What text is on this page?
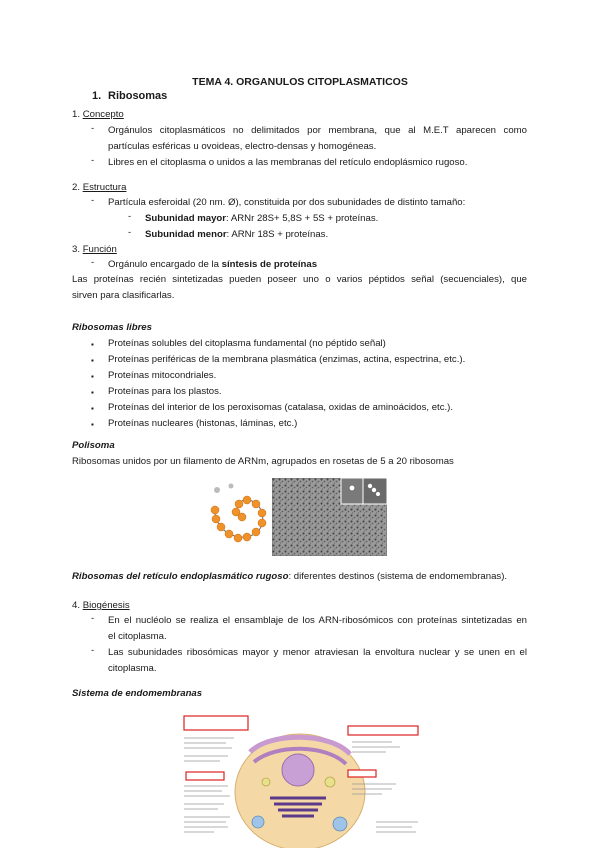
TEMA 4. ORGANULOS CITOPLASMATICOS
1. Ribosomas
1. Concepto
- Orgánulos citoplasmáticos no delimitados por membrana, que al M.E.T aparecen como
partículas esféricas u ovoideas, electro-densas y homogéneas.
- Libres en el citoplasma o unidos a las membranas del retículo endoplásmico rugoso.
2. Estructura
- Partícula esferoidal (20 nm. Ø), constituida por dos subunidades de distinto tamaño:
- Subunidad mayor: ARNr 28S+ 5,8S + 5S + proteínas.
- Subunidad menor: ARNr 18S + proteínas.
3. Función
- Orgánulo encargado de la síntesis de proteínas
Las proteínas recién sintetizadas pueden poseer uno o varios péptidos señal (secuenciales), que
sirven para clasificarlas.
Ribosomas libres
▪ Proteínas solubles del citoplasma fundamental (no péptido señal)
▪ Proteínas periféricas de la membrana plasmática (enzimas, actina, espectrina, etc.).
▪ Proteínas mitocondriales.
▪ Proteínas para los plastos.
▪ Proteínas del interior de los peroxisomas (catalasa, oxidas de aminoácidos, etc.).
▪ Proteínas nucleares (histonas, láminas, etc.)
Polisoma
Ribosomas unidos por un filamento de ARNm, agrupados en rosetas de 5 a 20 ribosomas
Ribosomas del retículo endoplasmático rugoso: diferentes destinos (sistema de endomembranas).
4. Biogénesis
- En el nucléolo se realiza el ensamblaje de los ARN-ribosómicos con proteínas sintetizadas en
el citoplasma.
- Las subunidades ribosómicas mayor y menor atraviesan la envoltura nuclear y se unen en el
citoplasma.
Sistema de endomembranas
